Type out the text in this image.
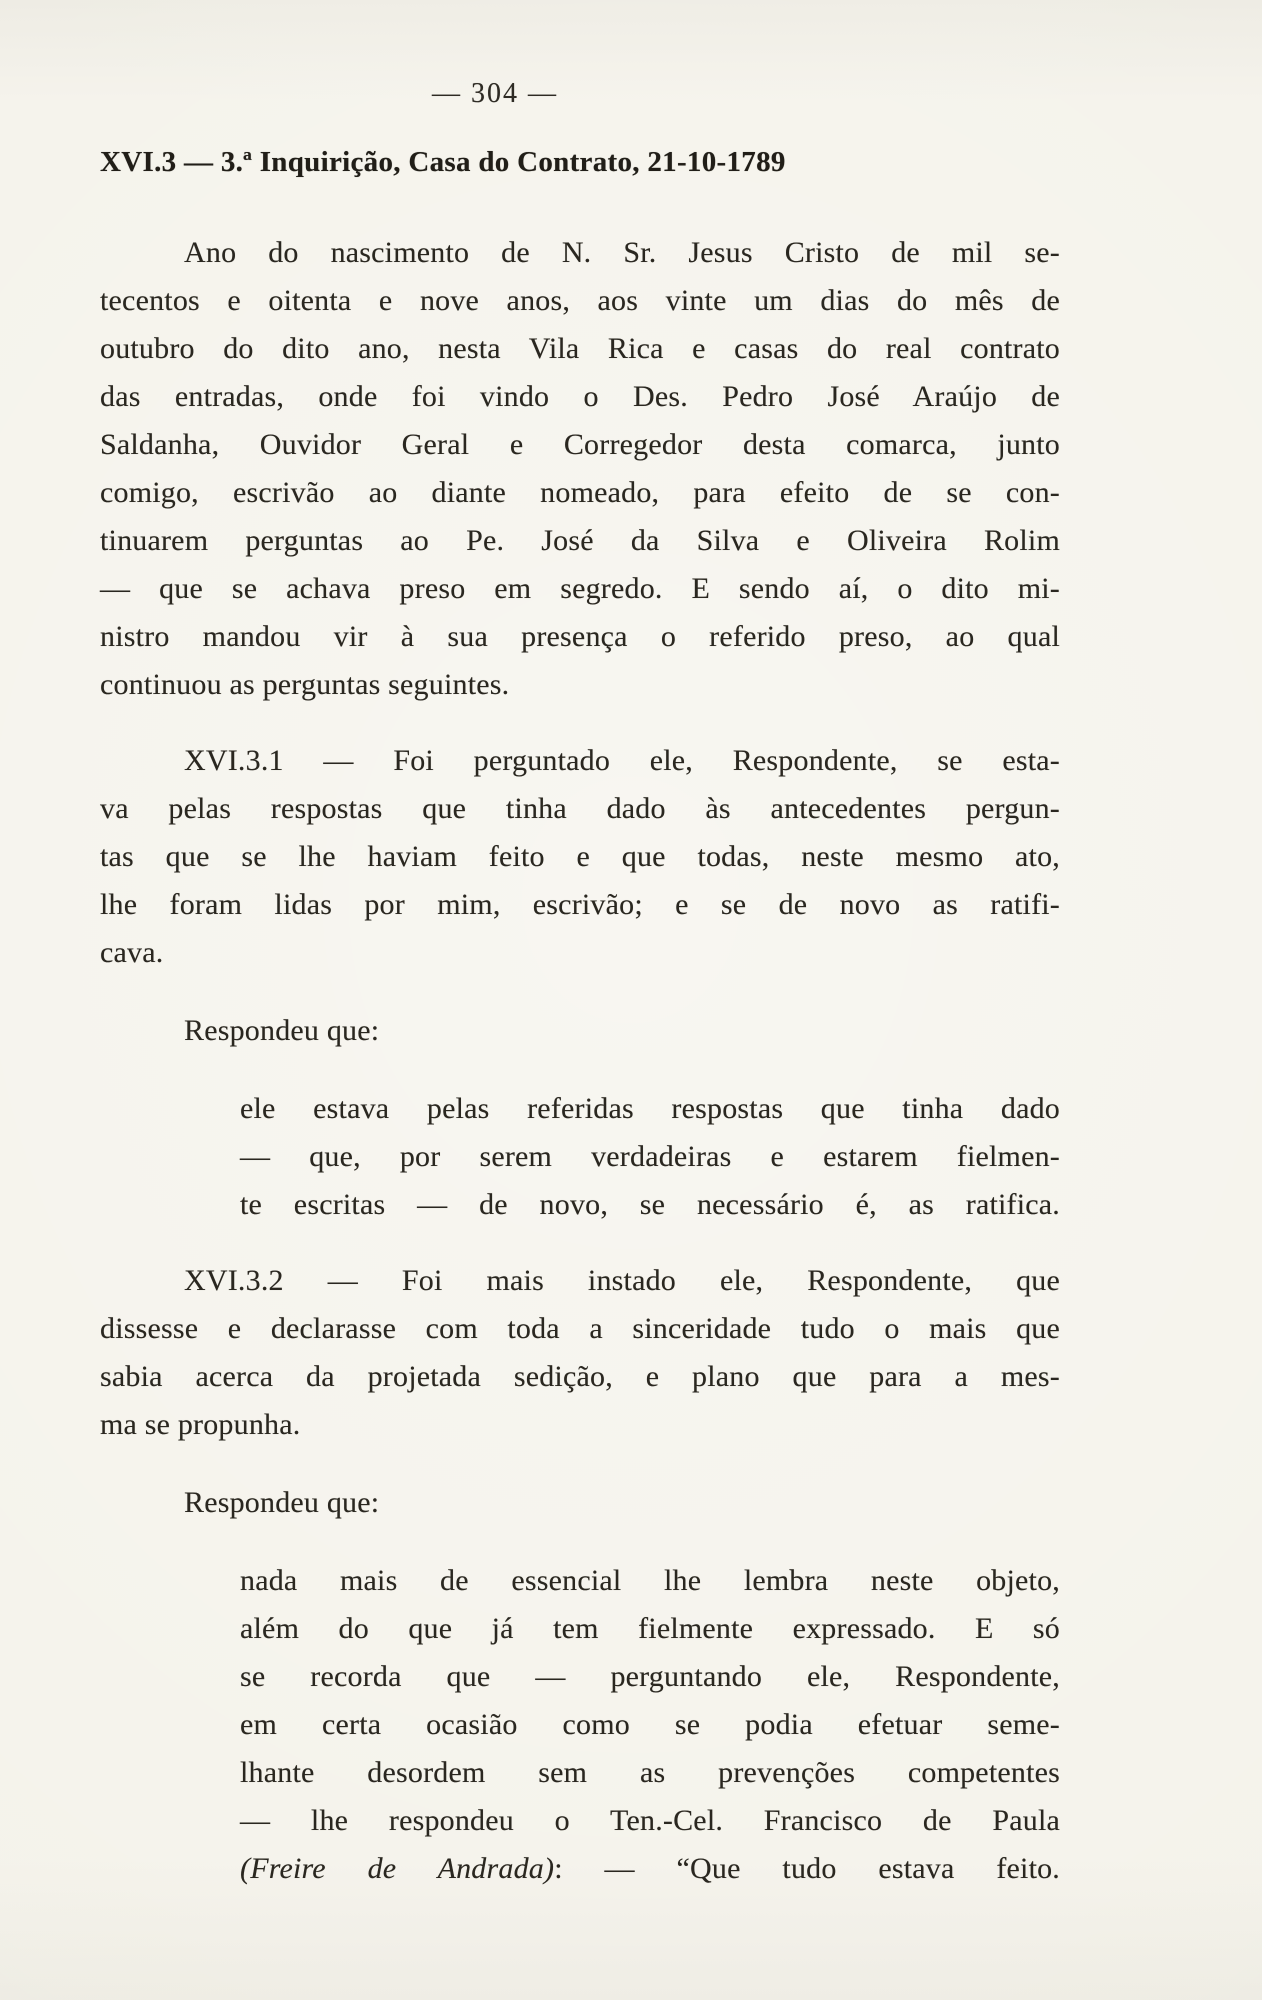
— 304 —
XVI.3 — 3.ª Inquirição, Casa do Contrato, 21-10-1789
Ano do nascimento de N. Sr. Jesus Cristo de mil se-
tecentos e oitenta e nove anos, aos vinte um dias do mês de
outubro do dito ano, nesta Vila Rica e casas do real contrato
das entradas, onde foi vindo o Des. Pedro José Araújo de
Saldanha, Ouvidor Geral e Corregedor desta comarca, junto
comigo, escrivão ao diante nomeado, para efeito de se con-
tinuarem perguntas ao Pe. José da Silva e Oliveira Rolim
— que se achava preso em segredo. E sendo aí, o dito mi-
nistro mandou vir à sua presença o referido preso, ao qual
continuou as perguntas seguintes.
XVI.3.1 — Foi perguntado ele, Respondente, se esta-
va pelas respostas que tinha dado às antecedentes pergun-
tas que se lhe haviam feito e que todas, neste mesmo ato,
lhe foram lidas por mim, escrivão; e se de novo as ratifi-
cava.
Respondeu que:
ele estava pelas referidas respostas que tinha dado
— que, por serem verdadeiras e estarem fielmen-
te escritas — de novo, se necessário é, as ratifica.
XVI.3.2 — Foi mais instado ele, Respondente, que
dissesse e declarasse com toda a sinceridade tudo o mais que
sabia acerca da projetada sedição, e plano que para a mes-
ma se propunha.
Respondeu que:
nada mais de essencial lhe lembra neste objeto,
além do que já tem fielmente expressado. E só
se recorda que — perguntando ele, Respondente,
em certa ocasião como se podia efetuar seme-
lhante desordem sem as prevenções competentes
— lhe respondeu o Ten.-Cel. Francisco de Paula
(Freire de Andrada): — “Que tudo estava feito.
